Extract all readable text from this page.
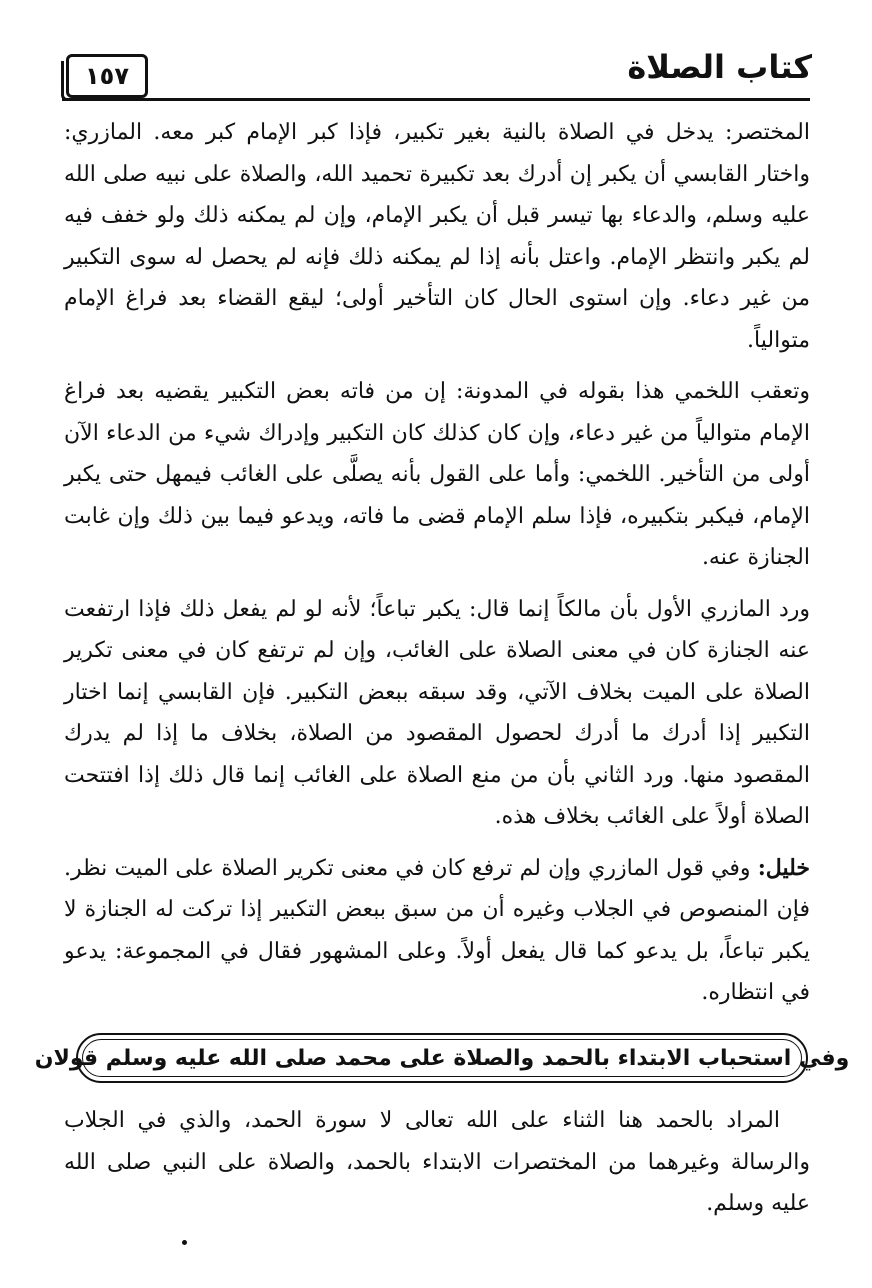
١٥٧	كتاب الصلاة

المختصر: يدخل في الصلاة بالنية بغير تكبير، فإذا كبر الإمام كبر معه. المازري: واختار القابسي أن يكبر إن أدرك بعد تكبيرة تحميد الله، والصلاة على نبيه صلى الله عليه وسلم، والدعاء بها تيسر قبل أن يكبر الإمام، وإن لم يمكنه ذلك ولو خفف فيه لم يكبر وانتظر الإمام. واعتل بأنه إذا لم يمكنه ذلك فإنه لم يحصل له سوى التكبير من غير دعاء. وإن استوى الحال كان التأخير أولى؛ ليقع القضاء بعد فراغ الإمام متوالياً.

وتعقب اللخمي هذا بقوله في المدونة: إن من فاته بعض التكبير يقضيه بعد فراغ الإمام متوالياً من غير دعاء، وإن كان كذلك كان التكبير وإدراك شيء من الدعاء الآن أولى من التأخير. اللخمي: وأما على القول بأنه يصلَّى على الغائب فيمهل حتى يكبر الإمام، فيكبر بتكبيره، فإذا سلم الإمام قضى ما فاته، ويدعو فيما بين ذلك وإن غابت الجنازة عنه.

ورد المازري الأول بأن مالكاً إنما قال: يكبر تباعاً؛ لأنه لو لم يفعل ذلك فإذا ارتفعت عنه الجنازة كان في معنى الصلاة على الغائب، وإن لم ترتفع كان في معنى تكرير الصلاة على الميت بخلاف الآتي، وقد سبقه ببعض التكبير. فإن القابسي إنما اختار التكبير إذا أدرك ما أدرك لحصول المقصود من الصلاة، بخلاف ما إذا لم يدرك المقصود منها. ورد الثاني بأن من منع الصلاة على الغائب إنما قال ذلك إذا افتتحت الصلاة أولاً على الغائب بخلاف هذه.

خليل: وفي قول المازري وإن لم ترفع كان في معنى تكرير الصلاة على الميت نظر. فإن المنصوص في الجلاب وغيره أن من سبق ببعض التكبير إذا تركت له الجنازة لا يكبر تباعاً، بل يدعو كما قال يفعل أولاً. وعلى المشهور فقال في المجموعة: يدعو في انتظاره.

وفي استحباب الابتداء بالحمد والصلاة على محمد صلى الله عليه وسلم قولان

المراد بالحمد هنا الثناء على الله تعالى لا سورة الحمد، والذي في الجلاب والرسالة وغيرهما من المختصرات الابتداء بالحمد، والصلاة على النبي صلى الله عليه وسلم.
